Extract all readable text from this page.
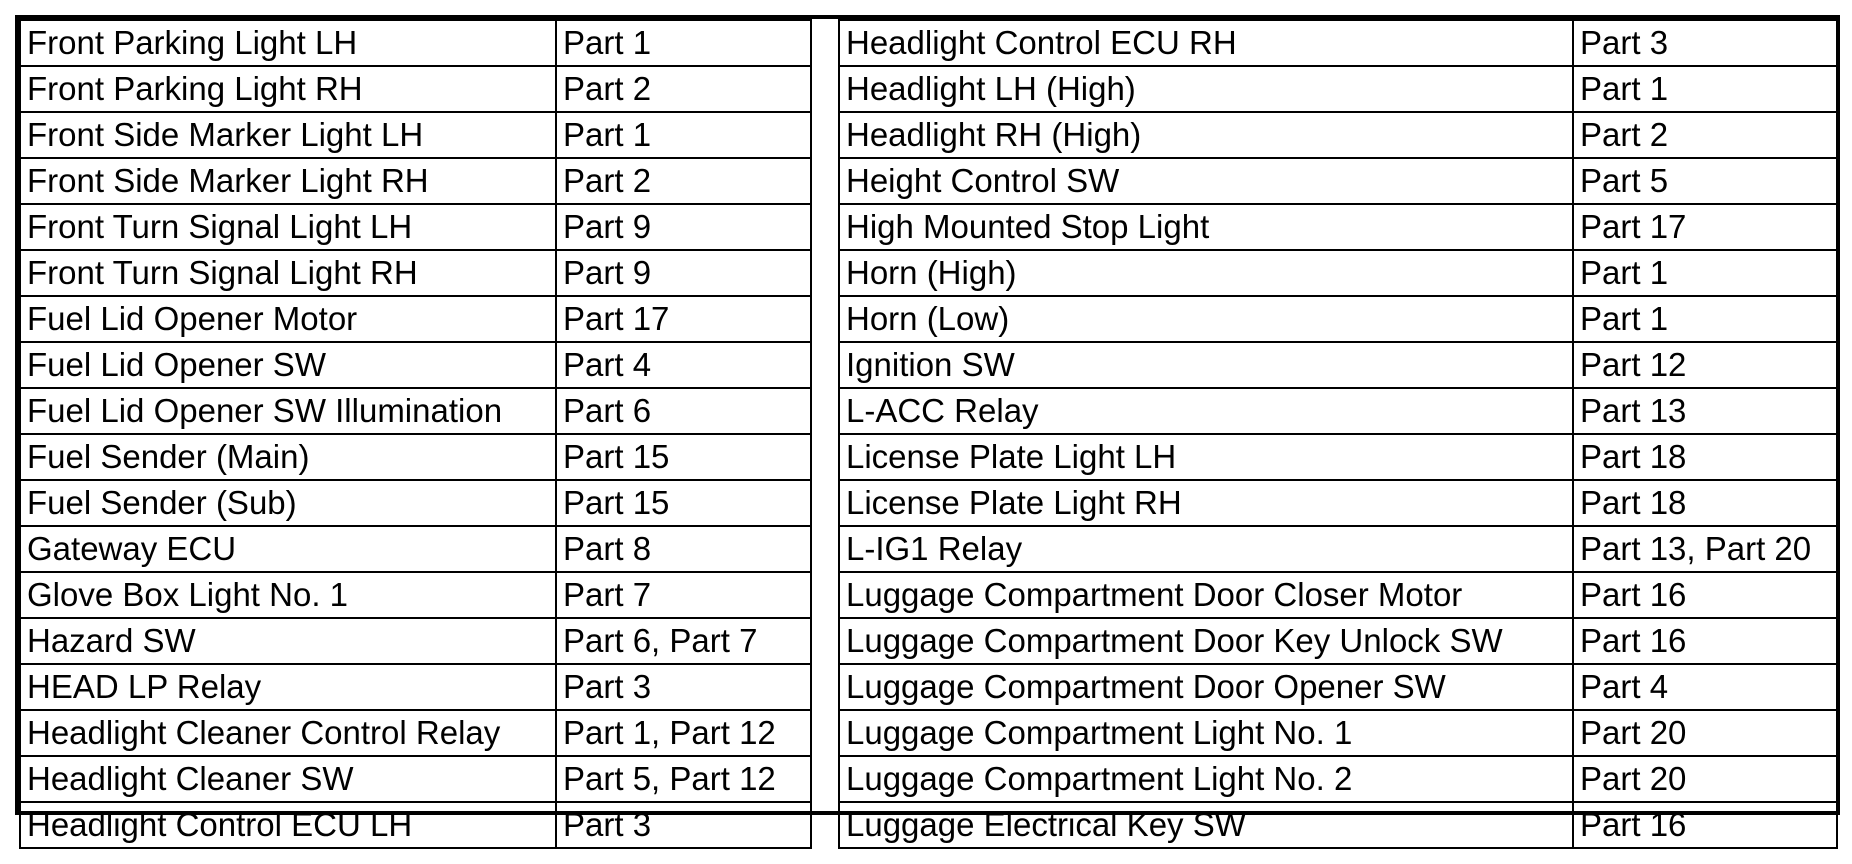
Front Parking Light LH	Part 1		Headlight Control ECU RH	Part 3
Front Parking Light RH	Part 2		Headlight LH (High)	Part 1
Front Side Marker Light LH	Part 1		Headlight RH (High)	Part 2
Front Side Marker Light RH	Part 2		Height Control SW	Part 5
Front Turn Signal Light LH	Part 9		High Mounted Stop Light	Part 17
Front Turn Signal Light RH	Part 9		Horn (High)	Part 1
Fuel Lid Opener Motor	Part 17		Horn (Low)	Part 1
Fuel Lid Opener SW	Part 4		Ignition SW	Part 12
Fuel Lid Opener SW Illumination	Part 6		L-ACC Relay	Part 13
Fuel Sender (Main)	Part 15		License Plate Light LH	Part 18
Fuel Sender (Sub)	Part 15		License Plate Light RH	Part 18
Gateway ECU	Part 8		L-IG1 Relay	Part 13, Part 20
Glove Box Light No. 1	Part 7		Luggage Compartment Door Closer Motor	Part 16
Hazard SW	Part 6, Part 7		Luggage Compartment Door Key Unlock SW	Part 16
HEAD LP Relay	Part 3		Luggage Compartment Door Opener SW	Part 4
Headlight Cleaner Control Relay	Part 1, Part 12		Luggage Compartment Light No. 1	Part 20
Headlight Cleaner SW	Part 5, Part 12		Luggage Compartment Light No. 2	Part 20
Headlight Control ECU LH	Part 3		Luggage Electrical Key SW	Part 16
